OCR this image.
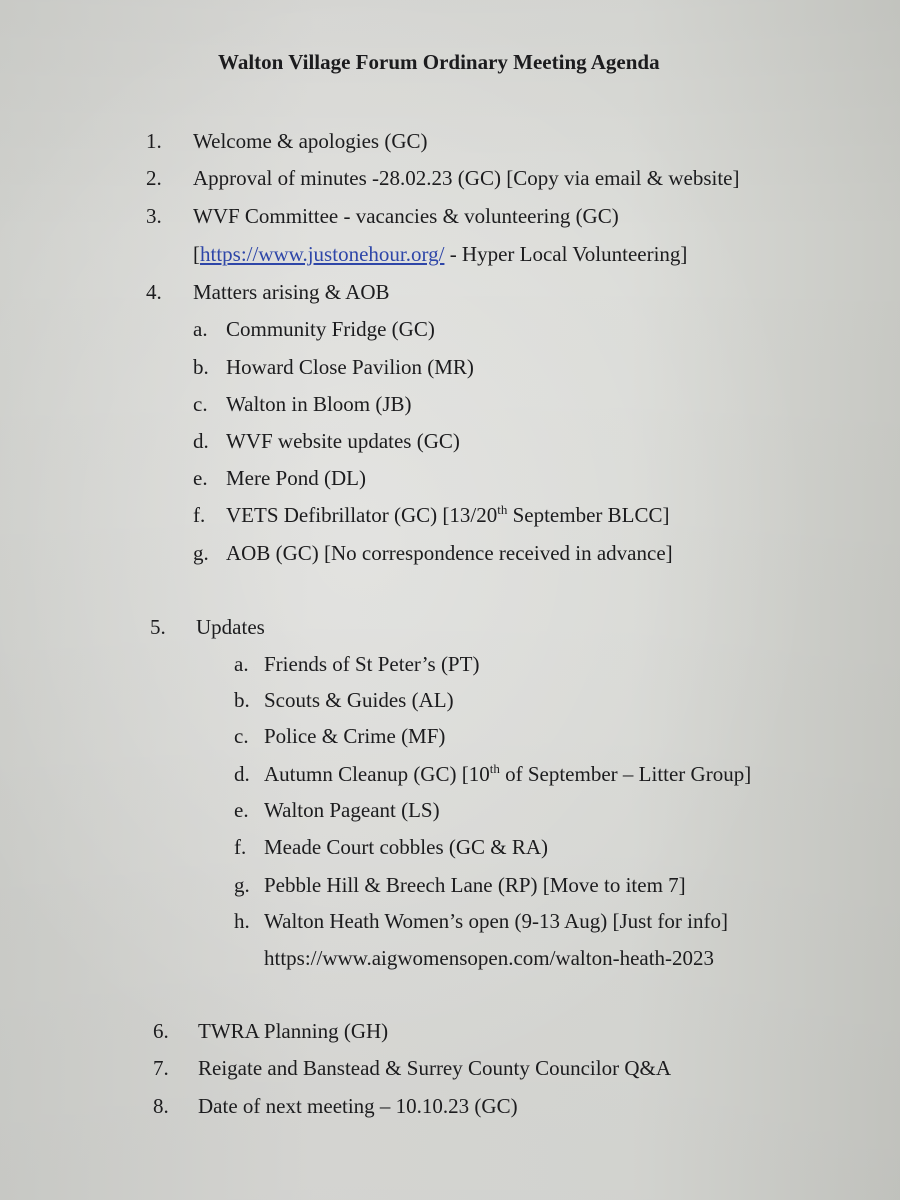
Walton Village Forum Ordinary Meeting Agenda
1.	Welcome & apologies (GC)
2.	Approval of minutes -28.02.23 (GC) [Copy via email & website]
3.	WVF Committee - vacancies & volunteering (GC)
[https://www.justonehour.org/ - Hyper Local Volunteering]
4.	Matters arising & AOB
a. Community Fridge (GC)
b. Howard Close Pavilion (MR)
c. Walton in Bloom (JB)
d. WVF website updates (GC)
e. Mere Pond (DL)
f. VETS Defibrillator (GC) [13/20th September BLCC]
g. AOB (GC) [No correspondence received in advance]
5.	Updates
a. Friends of St Peter’s (PT)
b. Scouts & Guides (AL)
c. Police & Crime (MF)
d. Autumn Cleanup (GC) [10th of September – Litter Group]
e. Walton Pageant (LS)
f. Meade Court cobbles (GC & RA)
g. Pebble Hill & Breech Lane (RP) [Move to item 7]
h. Walton Heath Women’s open (9-13 Aug) [Just for info]
https://www.aigwomensopen.com/walton-heath-2023
6.	TWRA Planning (GH)
7.	Reigate and Banstead & Surrey County Councilor Q&A
8.	Date of next meeting – 10.10.23 (GC)
